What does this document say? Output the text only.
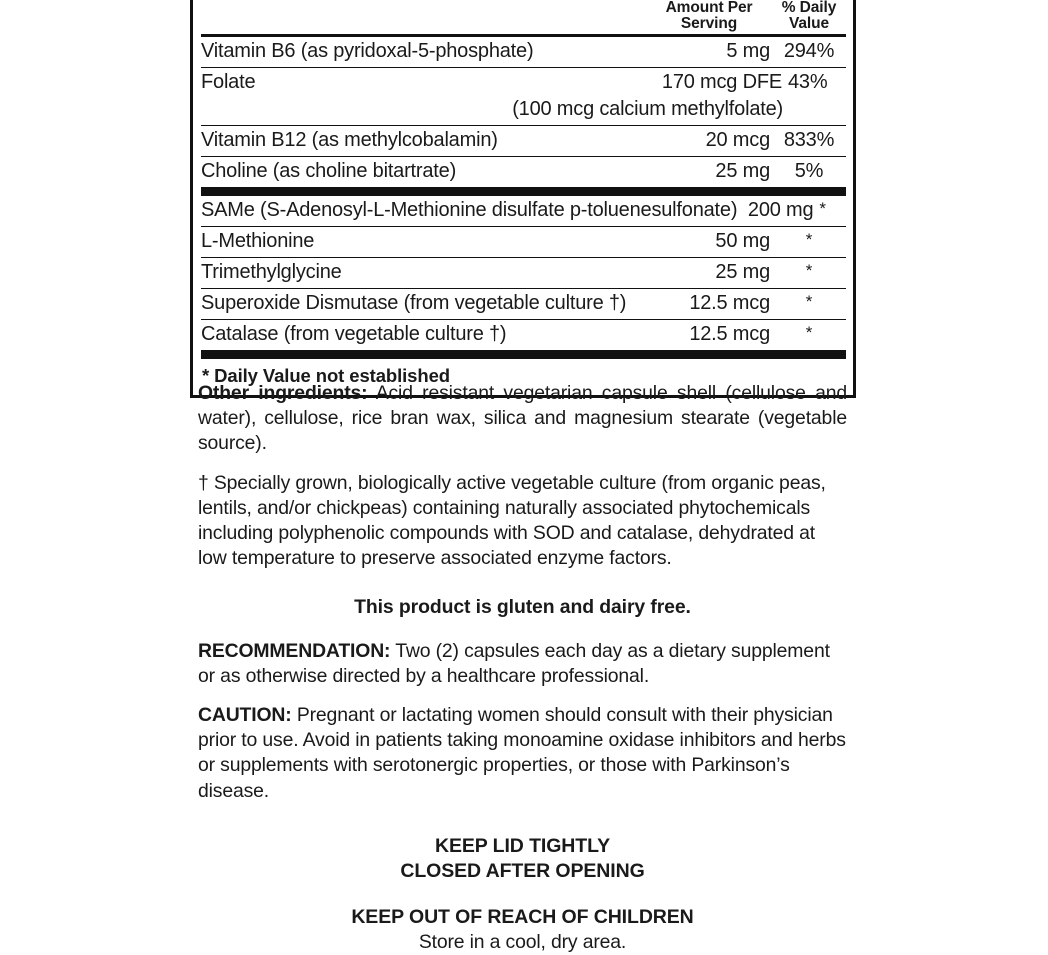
Amount Per
Serving
% Daily
Value
Vitamin B6 (as pyridoxal-5-phosphate)	5 mg 294%
Folate	170 mcg DFE 43%
(100 mcg calcium methylfolate)
Vitamin B12 (as methylcobalamin)	20 mcg 833%
Choline (as choline bitartrate)	25 mg	5%
SAMe (S-Adenosyl-L-Methionine disulfate p-toluenesulfonate) 200 mg *
L-Methionine	50 mg	*
Trimethylglycine	25 mg	*
Superoxide Dismutase (from vegetable culture †)	12.5 mcg	*
Catalase (from vegetable culture †)	12.5 mcg	*
* Daily Value not established

Other ingredients: Acid resistant vegetarian capsule shell (cellulose and water), cellulose, rice bran wax, silica and magnesium stearate (vegetable source).

† Specially grown, biologically active vegetable culture (from organic peas, lentils, and/or chickpeas) containing naturally associated phytochemicals including polyphenolic compounds with SOD and catalase, dehydrated at low temperature to preserve associated enzyme factors.

This product is gluten and dairy free.

RECOMMENDATION: Two (2) capsules each day as a dietary supplement or as otherwise directed by a healthcare professional.

CAUTION: Pregnant or lactating women should consult with their physician prior to use. Avoid in patients taking monoamine oxidase inhibitors and herbs or supplements with serotonergic properties, or those with Parkinson’s disease.

KEEP LID TIGHTLY

CLOSED AFTER OPENING

KEEP OUT OF REACH OF CHILDREN

Store in a cool, dry area.
